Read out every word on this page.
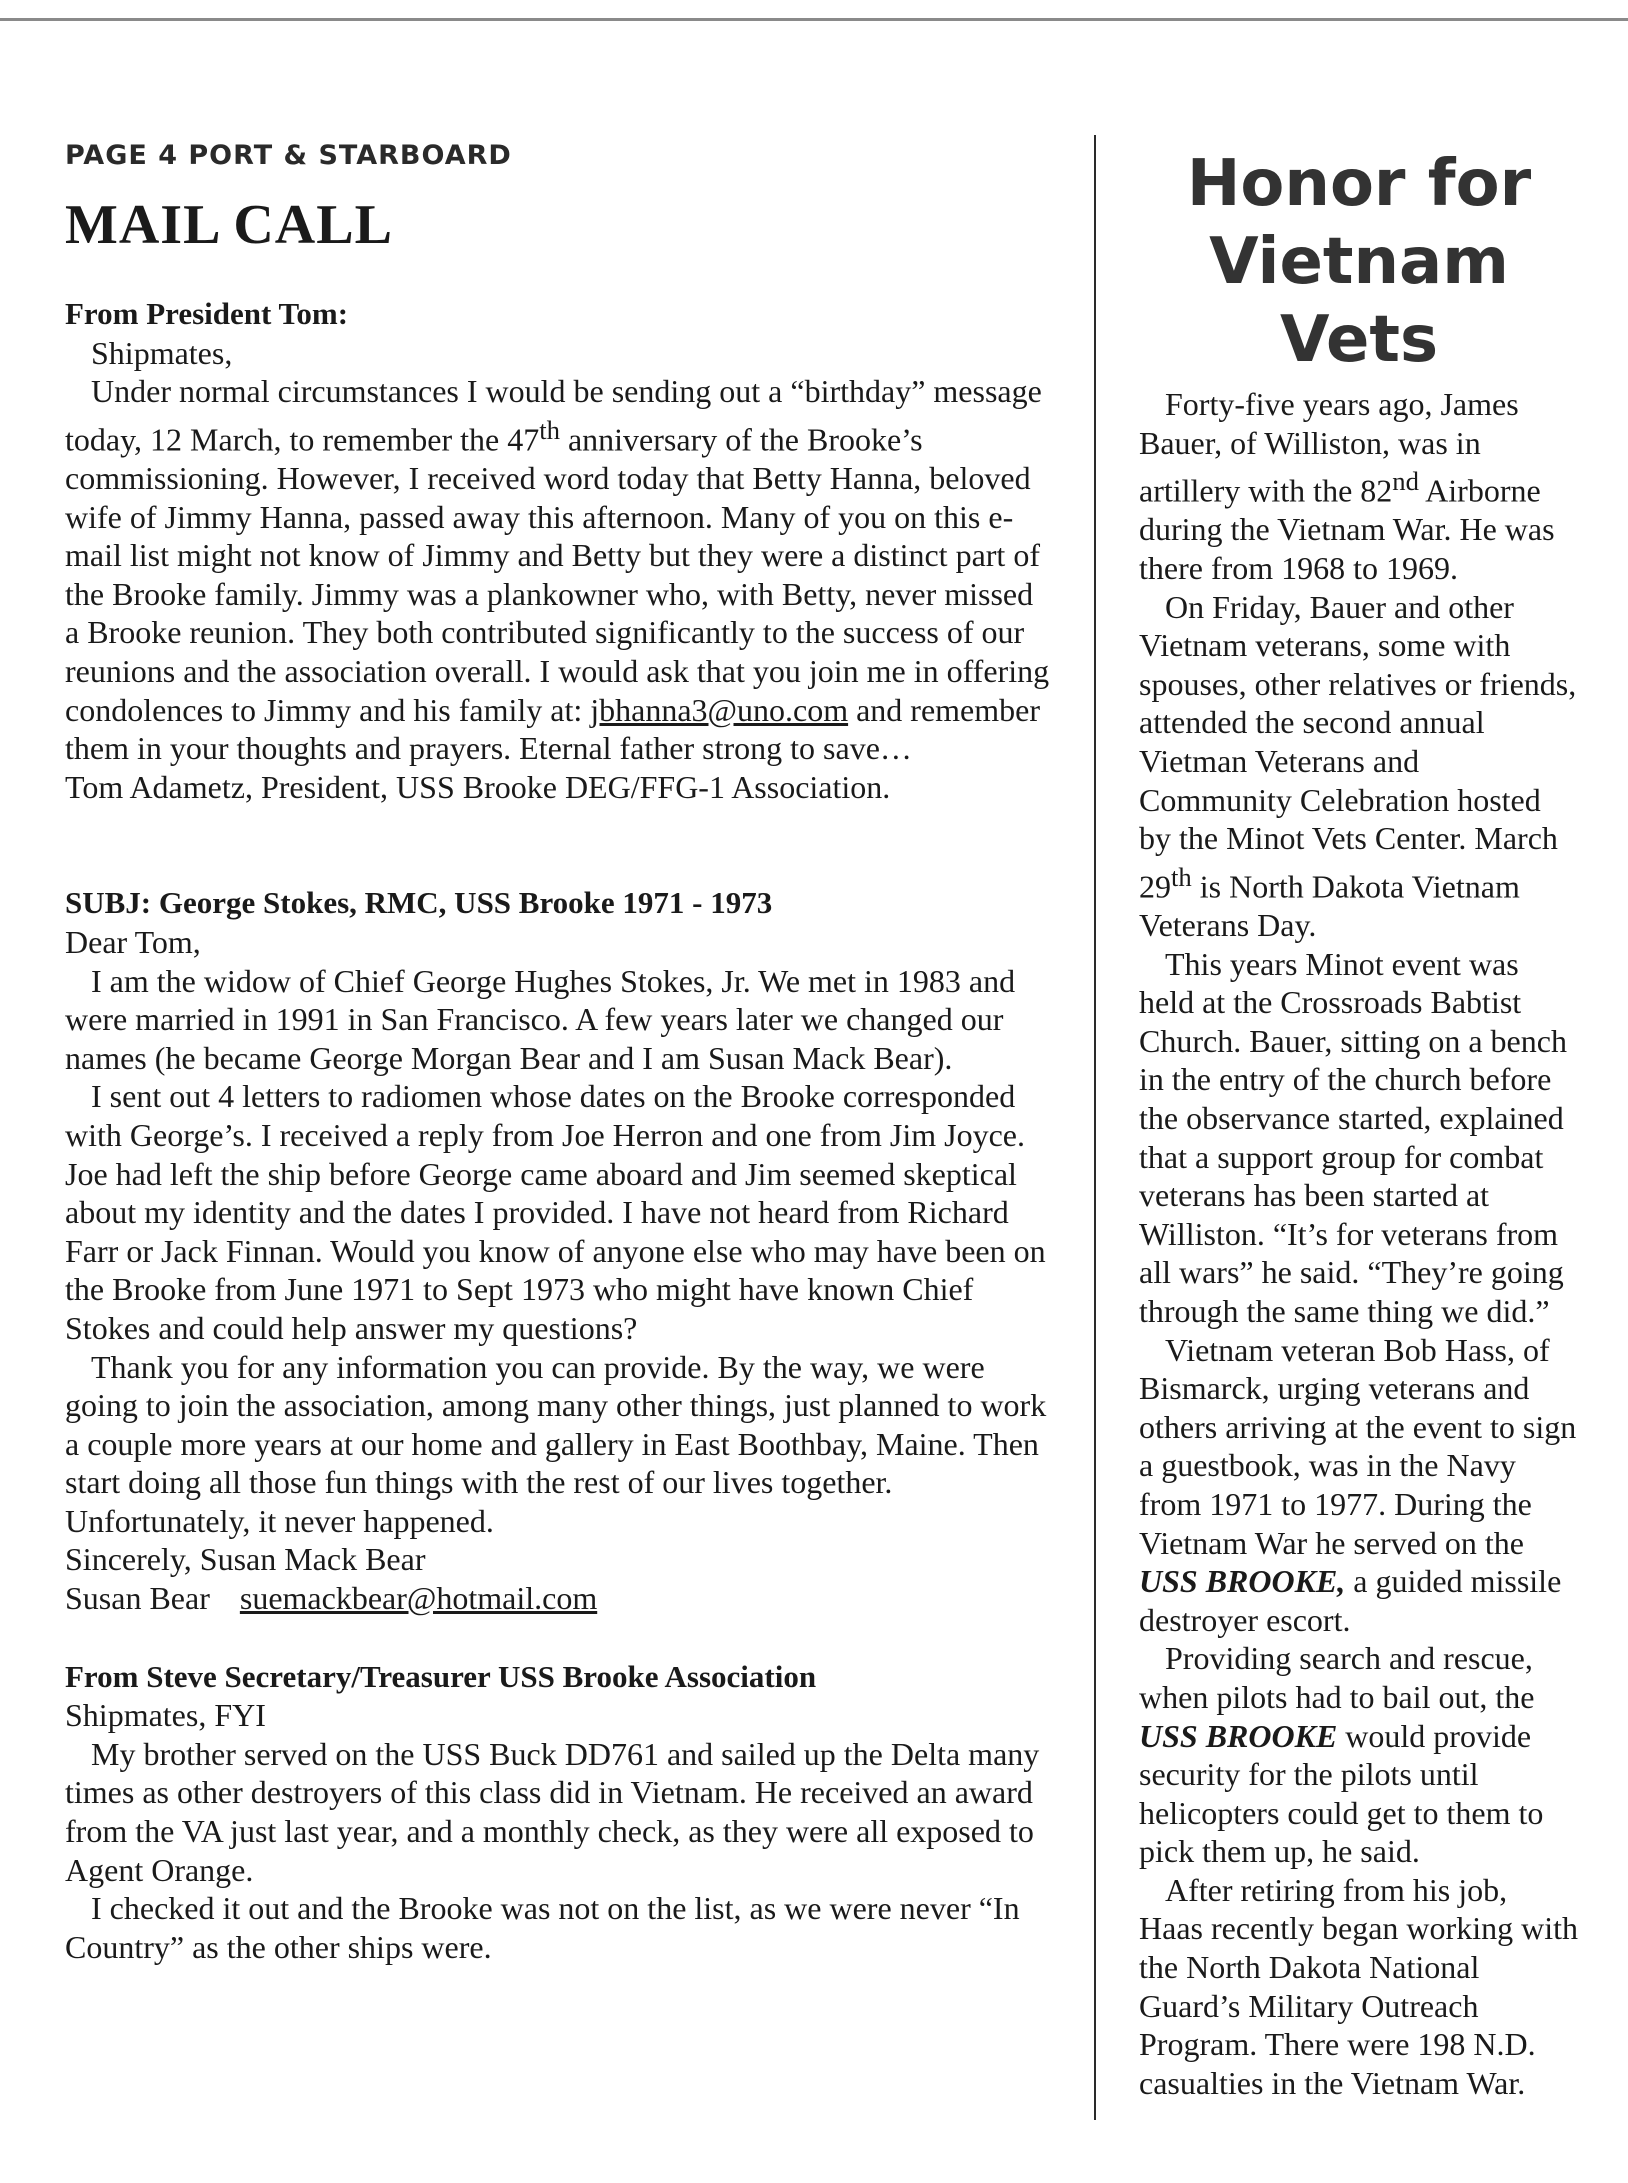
PAGE 4 PORT & STARBOARD

MAIL CALL
From President Tom:

Shipmates,

Under normal circumstances I would be sending out a “birthday” message today, 12 March, to remember the 47th anniversary of the Brooke’s commissioning. However, I received word today that Betty Hanna, beloved wife of Jimmy Hanna, passed away this afternoon. Many of you on this e-mail list might not know of Jimmy and Betty but they were a distinct part of the Brooke family. Jimmy was a plankowner who, with Betty, never missed a Brooke reunion. They both contributed significantly to the success of our reunions and the association overall. I would ask that you join me in offering condolences to Jimmy and his family at: jbhanna3@uno.com and remember them in your thoughts and prayers. Eternal father strong to save…

Tom Adametz, President, USS Brooke DEG/FFG-1 Association.

SUBJ: George Stokes, RMC, USS Brooke 1971 - 1973

Dear Tom,

I am the widow of Chief George Hughes Stokes, Jr. We met in 1983 and were married in 1991 in San Francisco. A few years later we changed our names (he became George Morgan Bear and I am Susan Mack Bear).

I sent out 4 letters to radiomen whose dates on the Brooke corresponded with George’s. I received a reply from Joe Herron and one from Jim Joyce. Joe had left the ship before George came aboard and Jim seemed skeptical about my identity and the dates I provided. I have not heard from Richard Farr or Jack Finnan. Would you know of anyone else who may have been on the Brooke from June 1971 to Sept 1973 who might have known Chief Stokes and could help answer my questions?

Thank you for any information you can provide. By the way, we were going to join the association, among many other things, just planned to work a couple more years at our home and gallery in East Boothbay, Maine. Then start doing all those fun things with the rest of our lives together. Unfortunately, it never happened.

Sincerely, Susan Mack Bear

Susan Bear suemackbear@hotmail.com

From Steve Secretary/Treasurer USS Brooke Association

Shipmates, FYI

My brother served on the USS Buck DD761 and sailed up the Delta many times as other destroyers of this class did in Vietnam. He received an award from the VA just last year, and a monthly check, as they were all exposed to Agent Orange.

I checked it out and the Brooke was not on the list, as we were never “In Country” as the other ships were.

Honor for
Vietnam
Vets

Forty-five years ago, James Bauer, of Williston, was in artillery with the 82nd Airborne during the Vietnam War. He was there from 1968 to 1969.

On Friday, Bauer and other Vietnam veterans, some with spouses, other relatives or friends, attended the second annual Vietman Veterans and Community Celebration hosted by the Minot Vets Center. March 29th is North Dakota Vietnam Veterans Day.

This years Minot event was held at the Crossroads Babtist Church. Bauer, sitting on a bench in the entry of the church before the observance started, explained that a support group for combat veterans has been started at Williston. “It’s for veterans from all wars” he said. “They’re going through the same thing we did.”

Vietnam veteran Bob Hass, of Bismarck, urging veterans and others arriving at the event to sign a guestbook, was in the Navy from 1971 to 1977. During the Vietnam War he served on the USS BROOKE, a guided missile destroyer escort.

Providing search and rescue, when pilots had to bail out, the USS BROOKE would provide security for the pilots until helicopters could get to them to pick them up, he said.

After retiring from his job, Haas recently began working with the North Dakota National Guard’s Military Outreach Program. There were 198 N.D. casualties in the Vietnam War.
